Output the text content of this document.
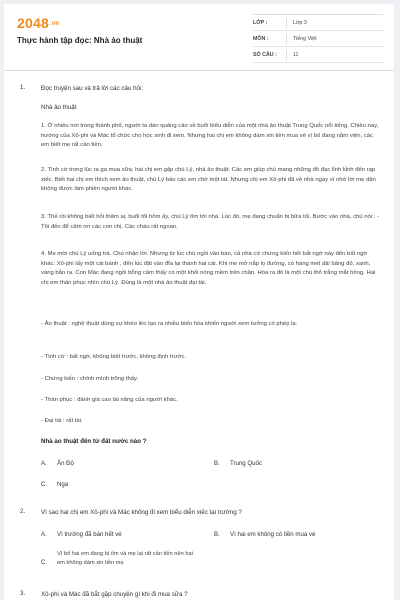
2048.vn
Thực hành tập đọc: Nhà ảo thuật
LỚP :	Lớp 3
MÔN :	Tiếng Việt
SỐ CÂU :	11
1.	Đọc truyện sau và trả lời các câu hỏi:
Nhà ảo thuật
1. Ở nhiều nơi trong thành phố, người ta dán quảng cáo về buổi biểu diễn của một nhà ảo thuật Trung Quốc nổi tiếng. Chiều nay, hướng của Xô-phi và Mác tổ chức cho học sinh đi xem. Nhưng hai chị em không dám xin tiền mua vé vì bố đang nằm viện, các em biết mẹ rất cần tiền.
2. Tình cờ trong lúc ra ga mua sữa, hai chị em gặp chú Lý, nhà ảo thuật. Các em giúp chú mang những đồ đạc lỉnh kỉnh đến rạp xiếc. Biết hai chị em thích xem ảo thuật, chú Lý bảo các em chờ một lát. Nhưng chị em Xô-phi đã về nhà ngay vì nhớ lời mẹ dặn không được làm phiền người khác.
3. Thế rồi không biết hỏi thăm ai, buổi tối hôm ấy, chú Lý tìm tới nhà. Lúc đó, mẹ đang chuẩn bị bữa tối. Bước vào nhà, chú nói : - Tôi đến để cảm ơn các con chị. Các cháu rất ngoan.
4. Mẹ mời chú Lý uống trà. Chú nhận lời. Nhưng từ lúc chú ngồi vào bàn, cả nhà cứ chứng kiến hết bất ngờ này đến bất ngờ khác. Xô-phi lấy một cái bánh , đến lúc đặt vào đĩa lại thành hai cái. Khi mẹ mở nắp lọ đường, có hàng mét dải băng đỏ, xanh, vàng bắn ra. Con Mác đang ngồi bỗng cảm thấy có một khối nóng mềm trên chân. Hóa ra đó là một chú thỏ trắng mắt hồng. Hai chị em thán phục nhìn chú Lý. Đúng là một nhà ảo thuật đại tài.
- Ảo thuật : nghệ thuật dùng sự khéo léo tạo ra nhiều biến hóa khiến người xem tưởng có phép lạ.
- Tình cờ : bất ngờ, không biết trước, không định trước.
- Chứng kiến : chính mình trông thấy.
- Thán phục : đánh giá cao tài năng của người khác.
- Đại tài : rất tài.
Nhà ảo thuật đến từ đất nước nào ?
A. Ấn Độ	B. Trung Quốc
C. Nga
2.	Vì sao hai chị em Xô-phi và Mác không đi xem biểu diễn xiếc tại trường ?
A. Vì trường đã bán hết vé	B. Vì hai em không có tiền mua vé
C.
Vì bố hai em đang bị ốm và mẹ lại rất cần tiền nên hai em không dám xin tiền mẹ
3.	Xô-phi và Mác đã bắt gặp chuyện gì khi đi mua sữa ?
